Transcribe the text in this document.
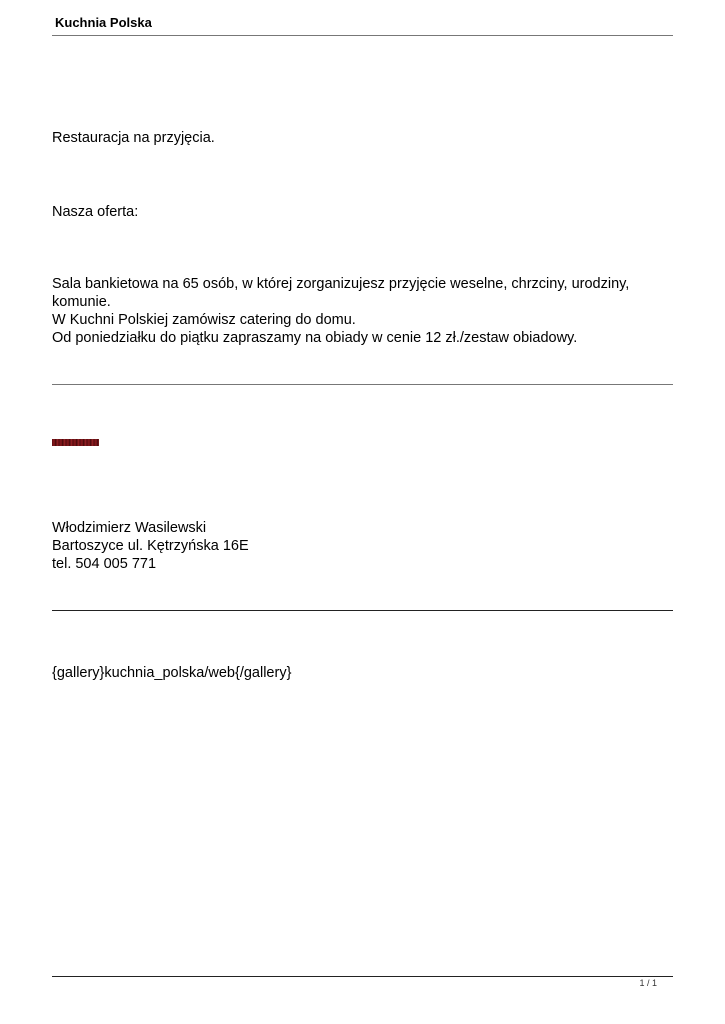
Kuchnia Polska
Restauracja na przyjęcia.
Nasza oferta:
Sala bankietowa na 65 osób, w której zorganizujesz przyjęcie weselne, chrzciny, urodziny, komunie.
W Kuchni Polskiej zamówisz catering do domu.
Od poniedziałku do piątku zapraszamy na obiady w cenie 12 zł./zestaw obiadowy.
Włodzimierz Wasilewski
Bartoszyce ul. Kętrzyńska 16E
tel. 504 005 771
{gallery}kuchnia_polska/web{/gallery}
1 / 1
